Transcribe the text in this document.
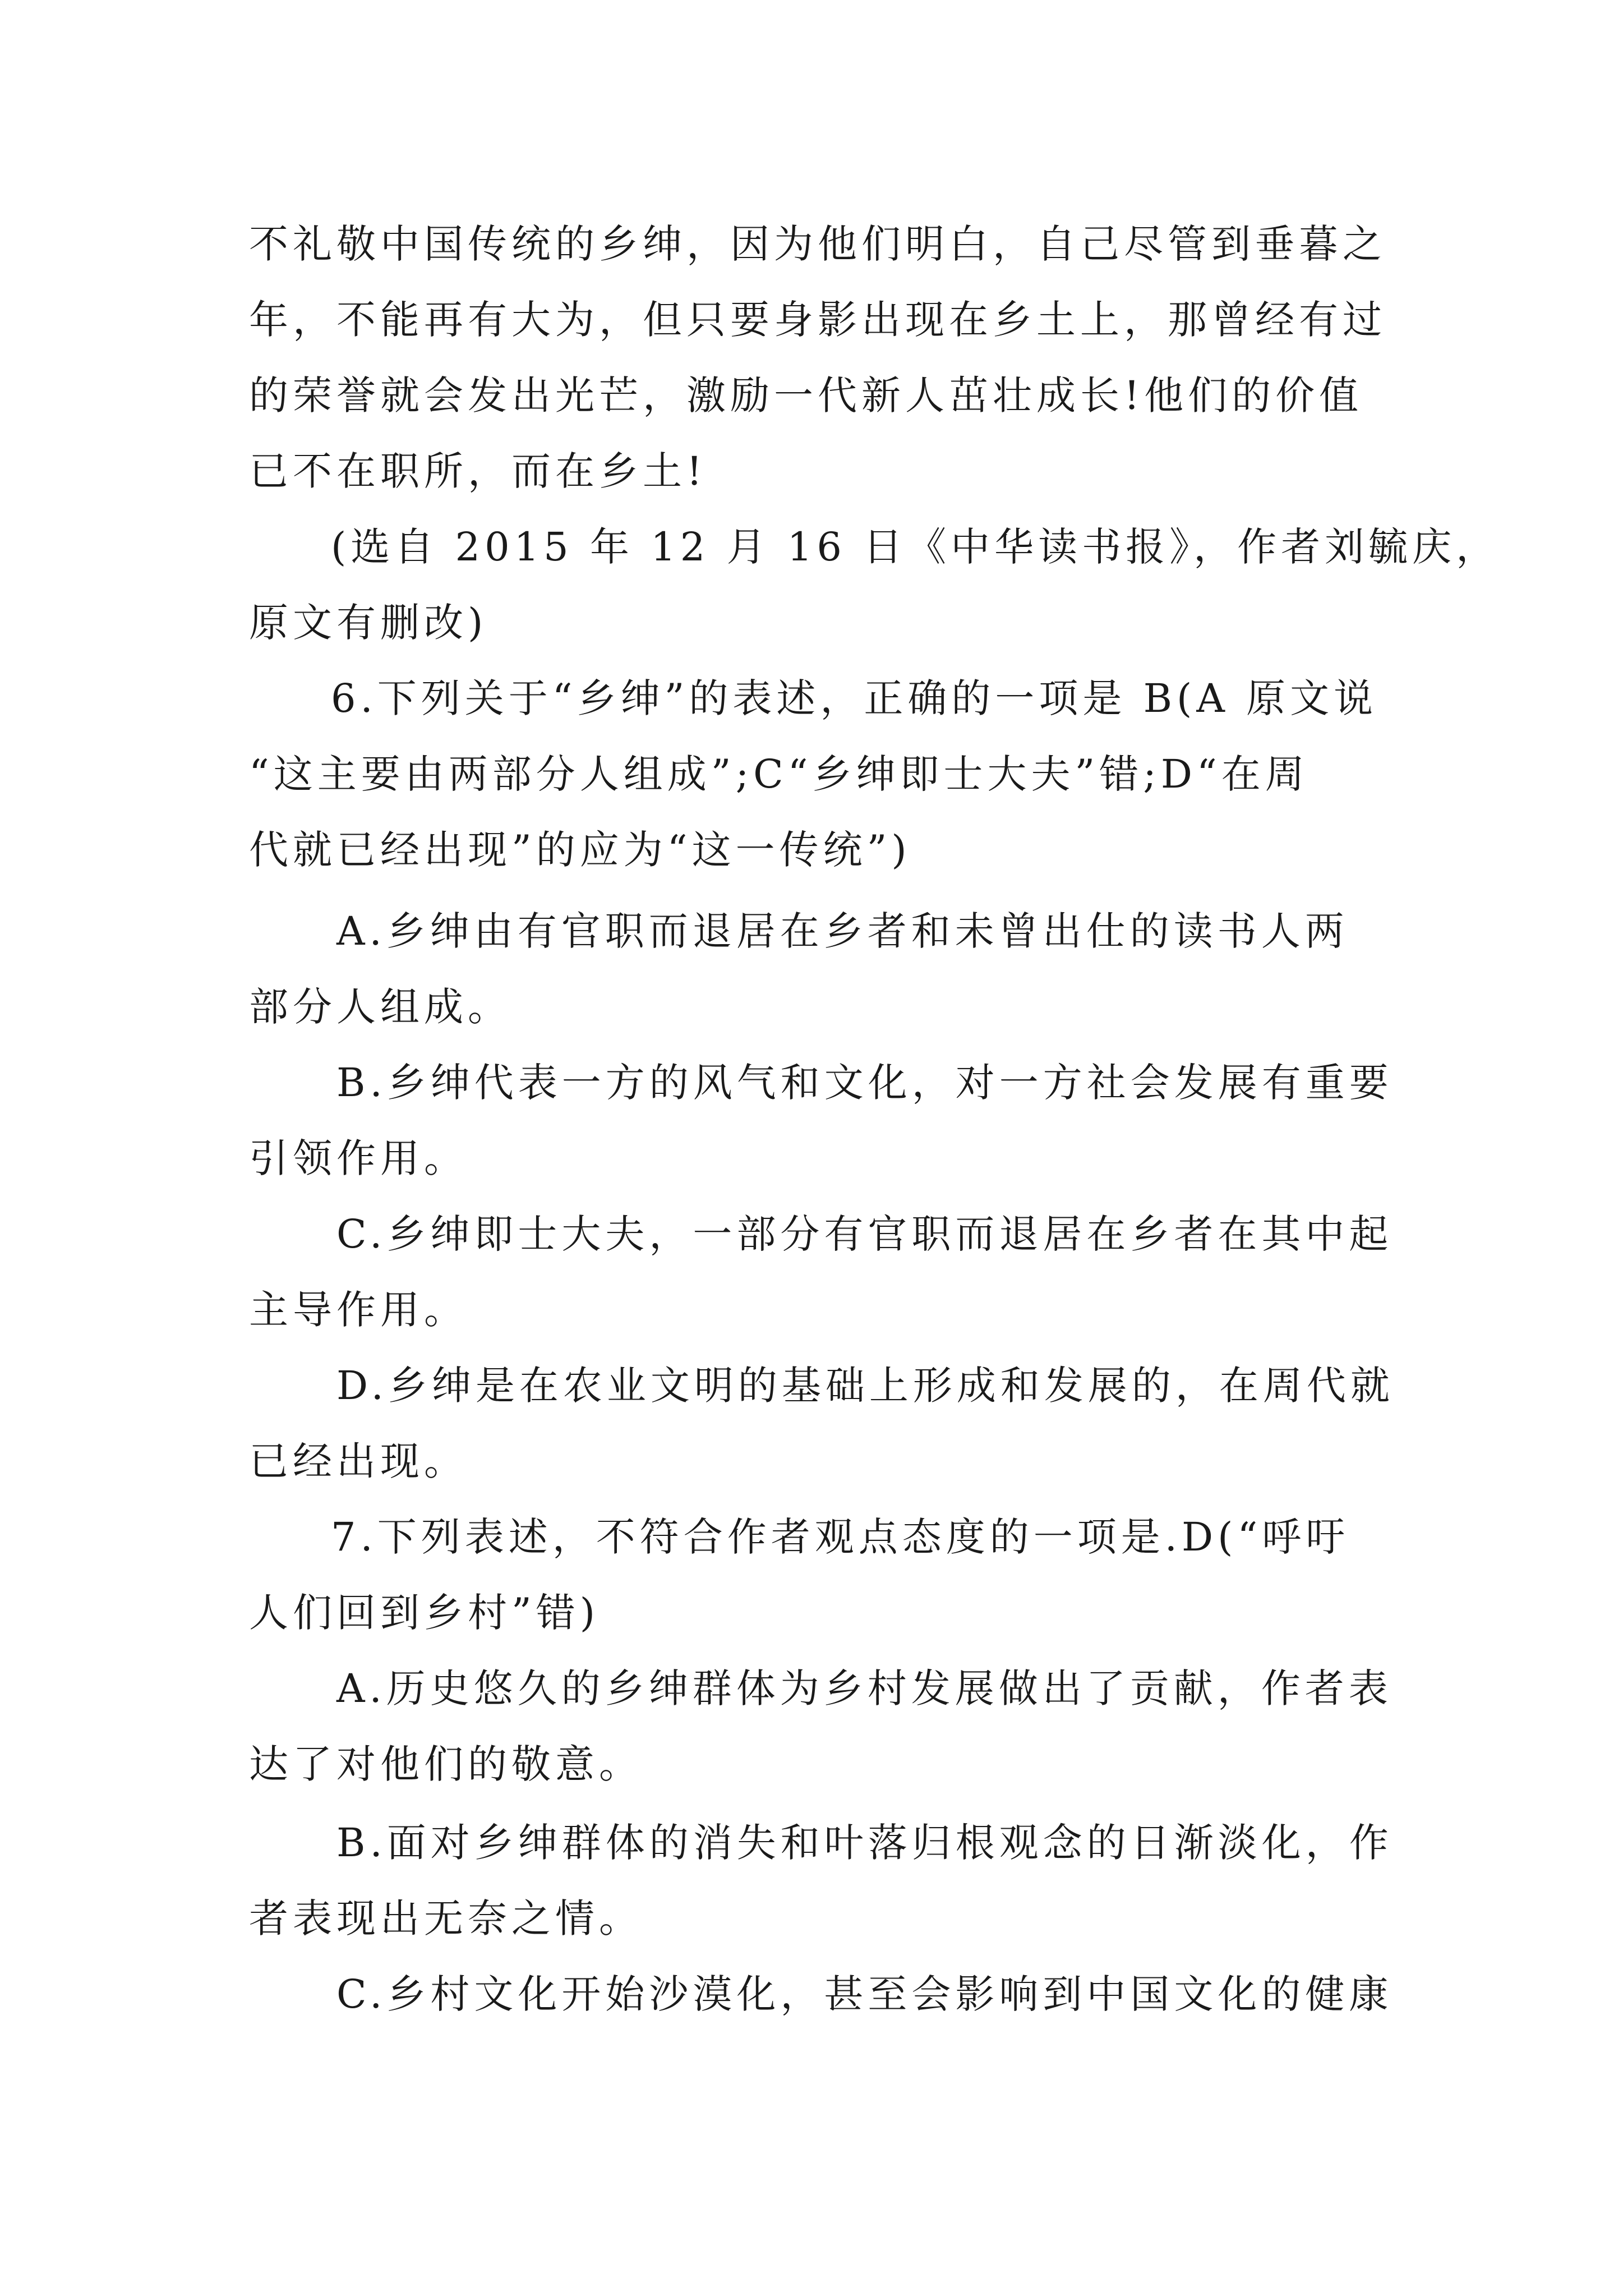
不礼敬中国传统的乡绅，因为他们明白，自己尽管到垂暮之
年，不能再有大为，但只要身影出现在乡土上，那曾经有过
的荣誉就会发出光芒，激励一代新人茁壮成长!他们的价值
已不在职所，而在乡土!
(选自 2015 年 12 月 16 日《中华读书报》，作者刘毓庆，
原文有删改)
6.下列关于“乡绅”的表述，正确的一项是 B(A 原文说
“这主要由两部分人组成”;C“乡绅即士大夫”错;D“在周
代就已经出现”的应为“这一传统”)
A.乡绅由有官职而退居在乡者和未曾出仕的读书人两
部分人组成。
B.乡绅代表一方的风气和文化，对一方社会发展有重要
引领作用。
C.乡绅即士大夫，一部分有官职而退居在乡者在其中起
主导作用。
D.乡绅是在农业文明的基础上形成和发展的，在周代就
已经出现。
7.下列表述，不符合作者观点态度的一项是.D(“呼吁
人们回到乡村”错)
A.历史悠久的乡绅群体为乡村发展做出了贡献，作者表
达了对他们的敬意。
B.面对乡绅群体的消失和叶落归根观念的日渐淡化，作
者表现出无奈之情。
C.乡村文化开始沙漠化，甚至会影响到中国文化的健康
